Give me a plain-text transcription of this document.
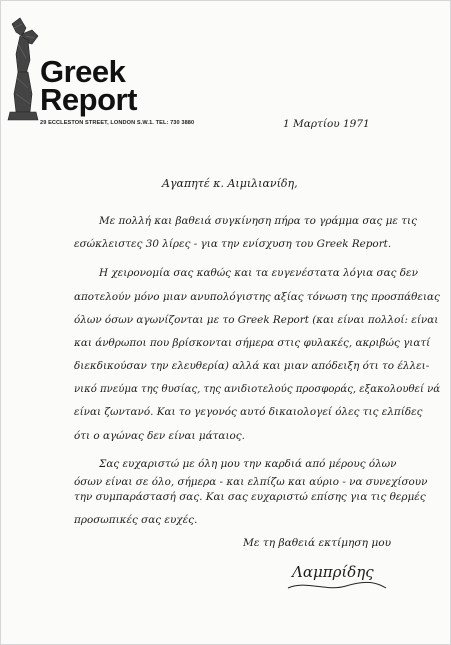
Greek
Report
29 ECCLESTON STREET, LONDON S.W.1. TEL: 730 3880	1 Μαρτίου 1971
Αγαπητέ κ. Αιμιλιανίδη,
Με πολλή και βαθειά συγκίνηση πήρα το γράμμα σας με τις
εσώκλειστες 30 λίρες - για την ενίσχυση του Greek Report.
Η χειρονομία σας καθώς και τα ευγενέστατα λόγια σας δεν
αποτελούν μόνο μιαν ανυπολόγιστης αξίας τόνωση της προσπάθειας
όλων όσων αγωνίζονται με το Greek Report (και είναι πολλοί: είναι
και άνθρωποι που βρίσκονται σήμερα στις φυλακές, ακριβώς γιατί
διεκδικούσαν την ελευθερία) αλλά και μιαν απόδειξη ότι το έλλει-
νικό πνεύμα της θυσίας, της ανιδιοτελούς προσφοράς, εξακολουθεί νά
είναι ζωντανό. Και το γεγονός αυτό δικαιολογεί όλες τις ελπίδες
ότι ο αγώνας δεν είναι μάταιος.
Σας ευχαριστώ με όλη μου την καρδιά από μέρους όλων
όσων είναι σε όλο, σήμερα - και ελπίζω και αύριο - να συνεχίσουν
την συμπαράστασή σας. Και σας ευχαριστώ επίσης για τις θερμές
προσωπικές σας ευχές.
Με τη βαθειά εκτίμηση μου
Λαμπρίδης
